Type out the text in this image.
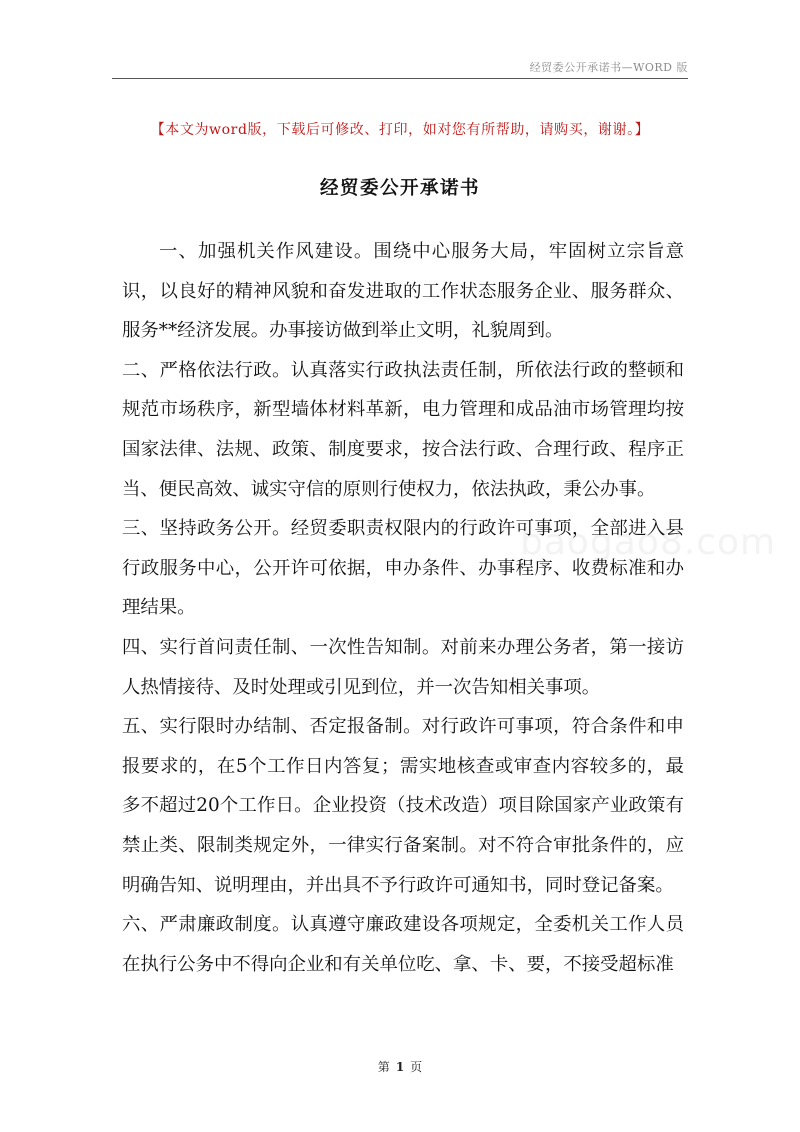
经贸委公开承诺书—WORD 版
baogao8.com
【本文为word版，下载后可修改、打印，如对您有所帮助，请购买，谢谢。】
经贸委公开承诺书

一、加强机关作风建设。围绕中心服务大局，牢固树立宗旨意识，以良好的精神风貌和奋发进取的工作状态服务企业、服务群众、服务**经济发展。办事接访做到举止文明，礼貌周到。

二、严格依法行政。认真落实行政执法责任制，所依法行政的整顿和规范市场秩序，新型墙体材料革新，电力管理和成品油市场管理均按国家法律、法规、政策、制度要求，按合法行政、合理行政、程序正当、便民高效、诚实守信的原则行使权力，依法执政，秉公办事。

三、坚持政务公开。经贸委职责权限内的行政许可事项，全部进入县行政服务中心，公开许可依据，申办条件、办事程序、收费标准和办理结果。

四、实行首问责任制、一次性告知制。对前来办理公务者，第一接访人热情接待、及时处理或引见到位，并一次告知相关事项。

五、实行限时办结制、否定报备制。对行政许可事项，符合条件和申报要求的，在5个工作日内答复；需实地核查或审查内容较多的，最多不超过20个工作日。企业投资（技术改造）项目除国家产业政策有禁止类、限制类规定外，一律实行备案制。对不符合审批条件的，应明确告知、说明理由，并出具不予行政许可通知书，同时登记备案。

六、严肃廉政制度。认真遵守廉政建设各项规定，全委机关工作人员在执行公务中不得向企业和有关单位吃、拿、卡、要，不接受超标准

第 1 页
